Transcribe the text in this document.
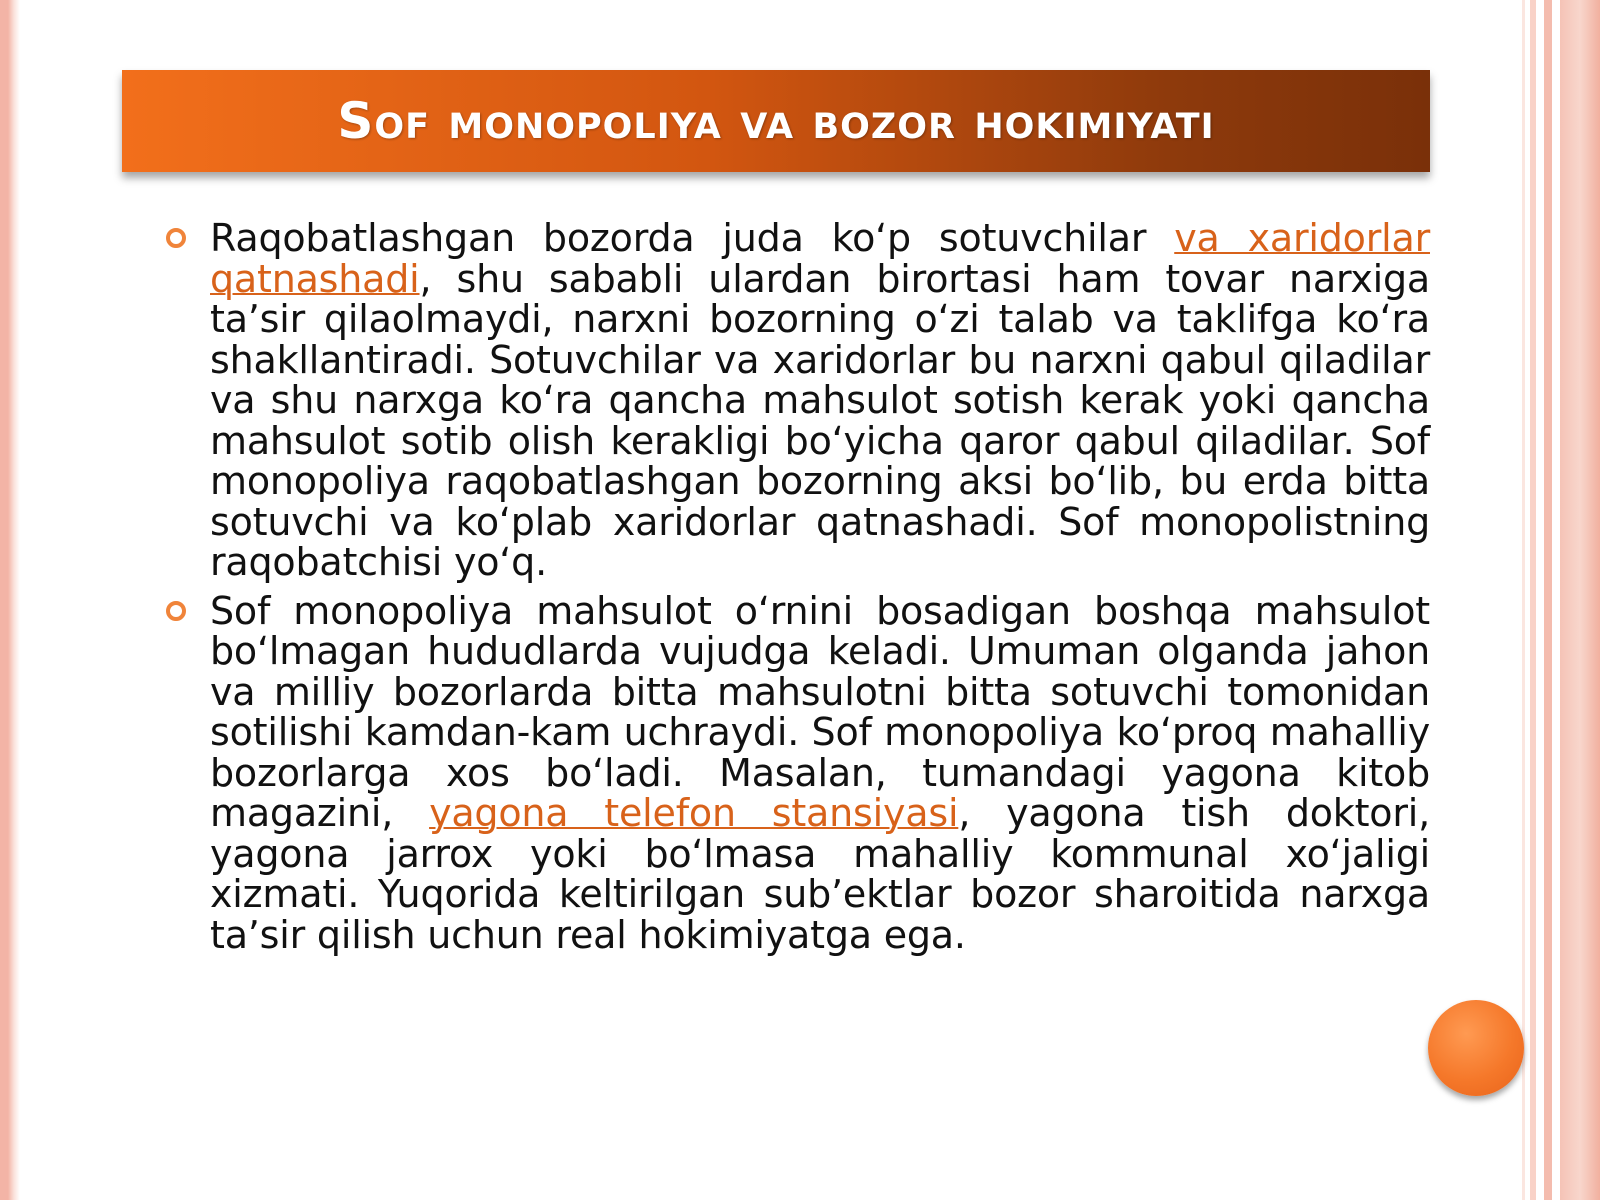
Sof monopoliya va bozor hokimiyati
Raqobatlashgan bozorda juda ko‘p sotuvchilar va xaridorlar qatnashadi, shu sababli ulardan birortasi ham tovar narxiga ta’sir qilaolmaydi, narxni bozorning o‘zi talab va taklifga ko‘ra shakllantiradi. Sotuvchilar va xaridorlar bu narxni qabul qiladilar va shu narxga ko‘ra qancha mahsulot sotish kerak yoki qancha mahsulot sotib olish kerakligi bo‘yicha qaror qabul qiladilar. Sof monopoliya raqobatlashgan bozorning aksi bo‘lib, bu erda bitta sotuvchi va ko‘plab xaridorlar qatnashadi. Sof monopolistning raqobatchisi yo‘q.
Sof monopoliya mahsulot o‘rnini bosadigan boshqa mahsulot bo‘lmagan hududlarda vujudga keladi. Umuman olganda jahon va milliy bozorlarda bitta mahsulotni bitta sotuvchi tomonidan sotilishi kamdan-kam uchraydi. Sof monopoliya ko‘proq mahalliy bozorlarga xos bo‘ladi. Masalan, tumandagi yagona kitob magazini, yagona telefon stansiyasi, yagona tish doktori, yagona jarrox yoki bo‘lmasa mahalliy kommunal xo‘jaligi xizmati. Yuqorida keltirilgan sub’ektlar bozor sharoitida narxga ta’sir qilish uchun real hokimiyatga ega.
